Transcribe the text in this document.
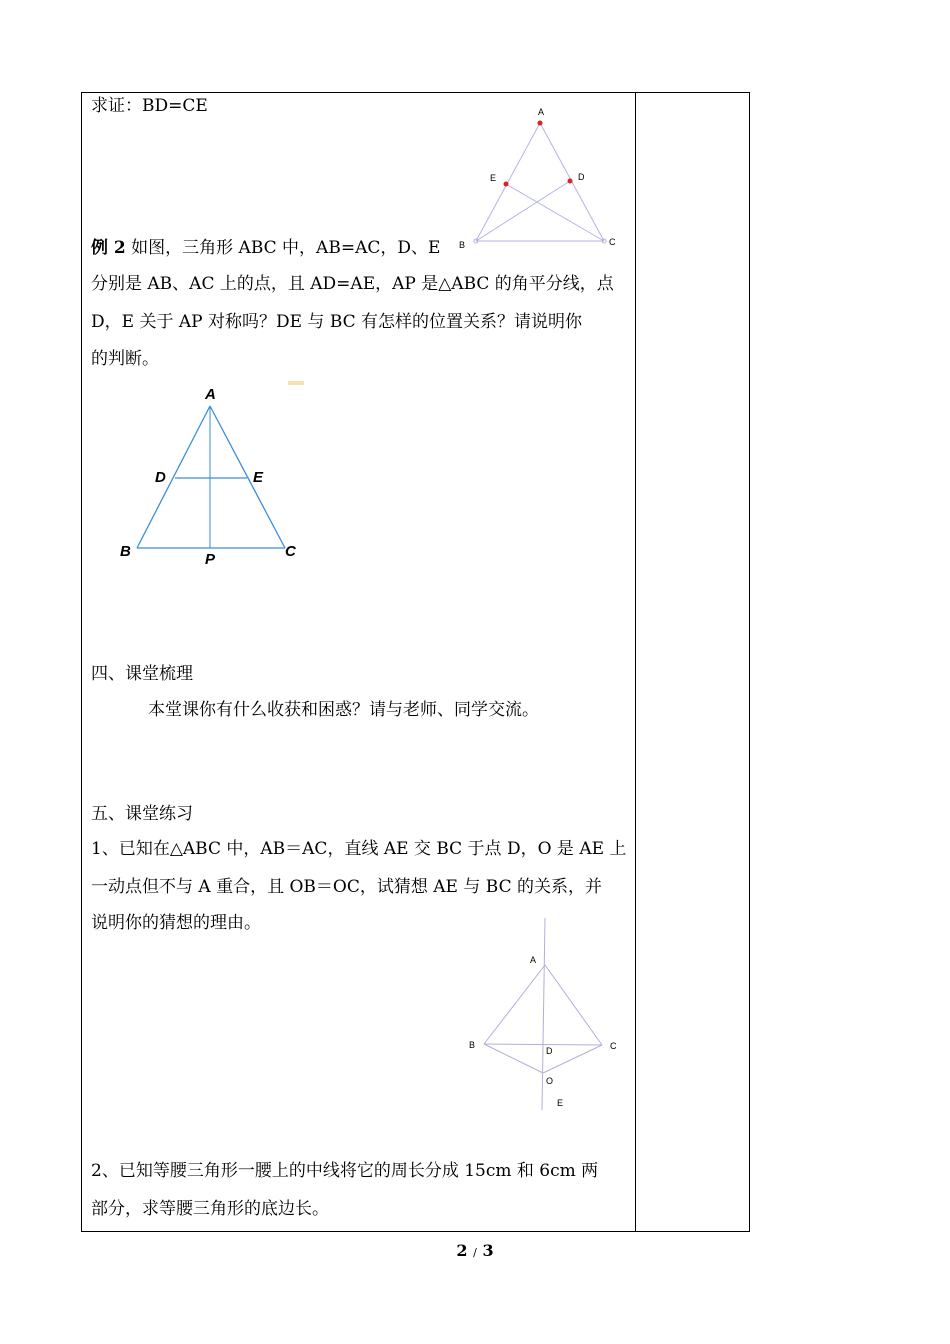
求证：BD=CE	A
E	D
B	C
例 2 如图，三角形 ABC 中，AB=AC，D、E
分别是 AB、AC 上的点，且 AD=AE，AP 是△ABC 的角平分线，点
D，E 关于 AP 对称吗？DE 与 BC 有怎样的位置关系？请说明你
的判断。
A
D	E
B	P	C
四、课堂梳理
本堂课你有什么收获和困惑？请与老师、同学交流。
五、课堂练习
1、已知在△ABC 中，AB＝AC，直线 AE 交 BC 于点 D，O 是 AE 上
一动点但不与 A 重合，且 OB＝OC，试猜想 AE 与 BC 的关系，并
说明你的猜想的理由。
A
B	C
D
O
E
2、已知等腰三角形一腰上的中线将它的周长分成 15cm 和 6cm 两
部分，求等腰三角形的底边长。
2 / 3
